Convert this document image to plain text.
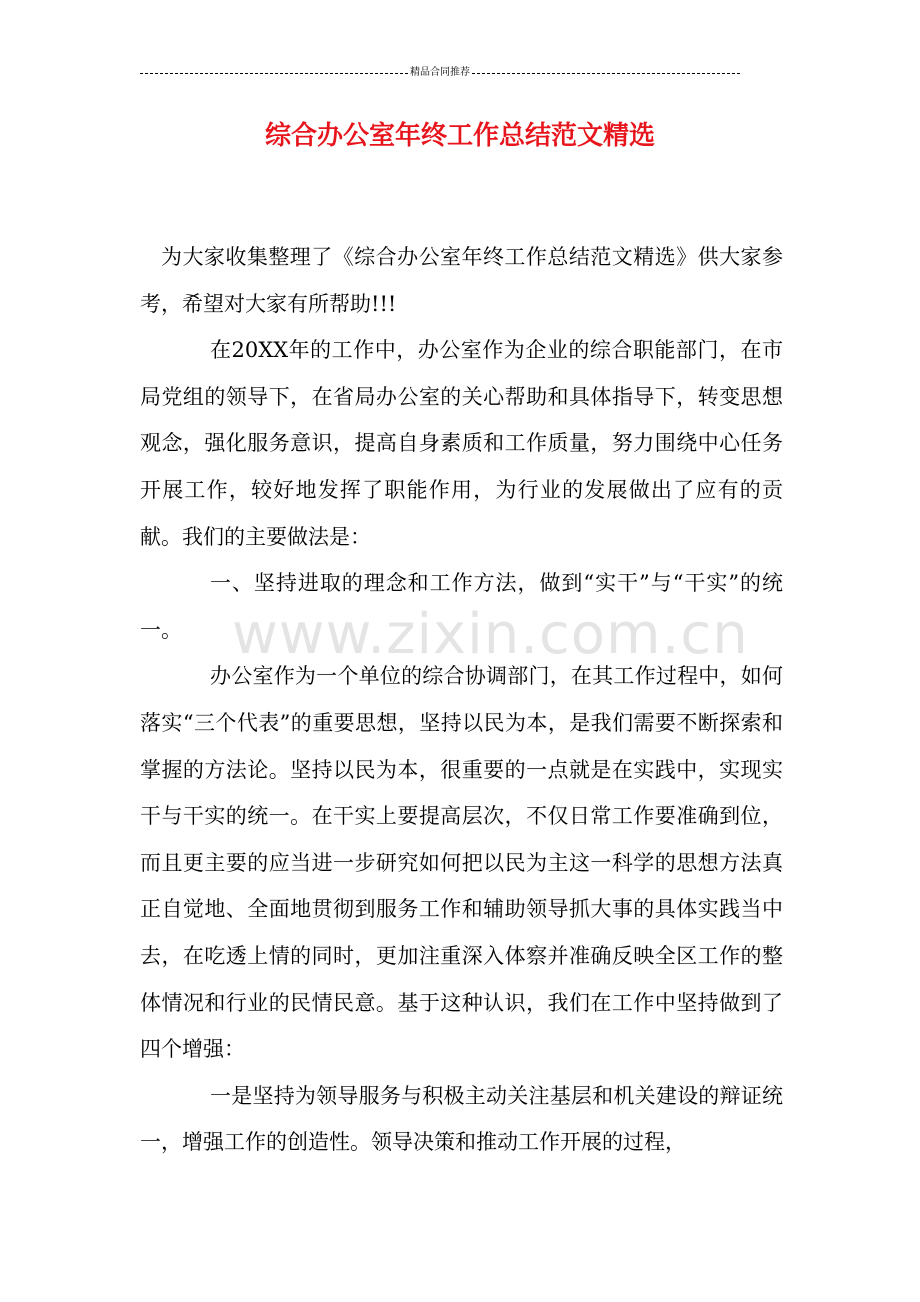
精品合同推荐
综合办公室年终工作总结范文精选

为大家收集整理了《综合办公室年终工作总结范文精选》供大家参考，希望对大家有所帮助!!!

在20XX年的工作中，办公室作为企业的综合职能部门，在市局党组的领导下，在省局办公室的关心帮助和具体指导下，转变思想观念，强化服务意识，提高自身素质和工作质量，努力围绕中心任务开展工作，较好地发挥了职能作用，为行业的发展做出了应有的贡献。我们的主要做法是：

一、坚持进取的理念和工作方法，做到“实干”与“干实”的统一。

办公室作为一个单位的综合协调部门，在其工作过程中，如何落实“三个代表”的重要思想，坚持以民为本，是我们需要不断探索和掌握的方法论。坚持以民为本，很重要的一点就是在实践中，实现实干与干实的统一。在干实上要提高层次，不仅日常工作要准确到位，而且更主要的应当进一步研究如何把以民为主这一科学的思想方法真正自觉地、全面地贯彻到服务工作和辅助领导抓大事的具体实践当中去，在吃透上情的同时，更加注重深入体察并准确反映全区工作的整体情况和行业的民情民意。基于这种认识，我们在工作中坚持做到了四个增强：

一是坚持为领导服务与积极主动关注基层和机关建设的辩证统一，增强工作的创造性。领导决策和推动工作开展的过程，

www.zixin.com.cn
